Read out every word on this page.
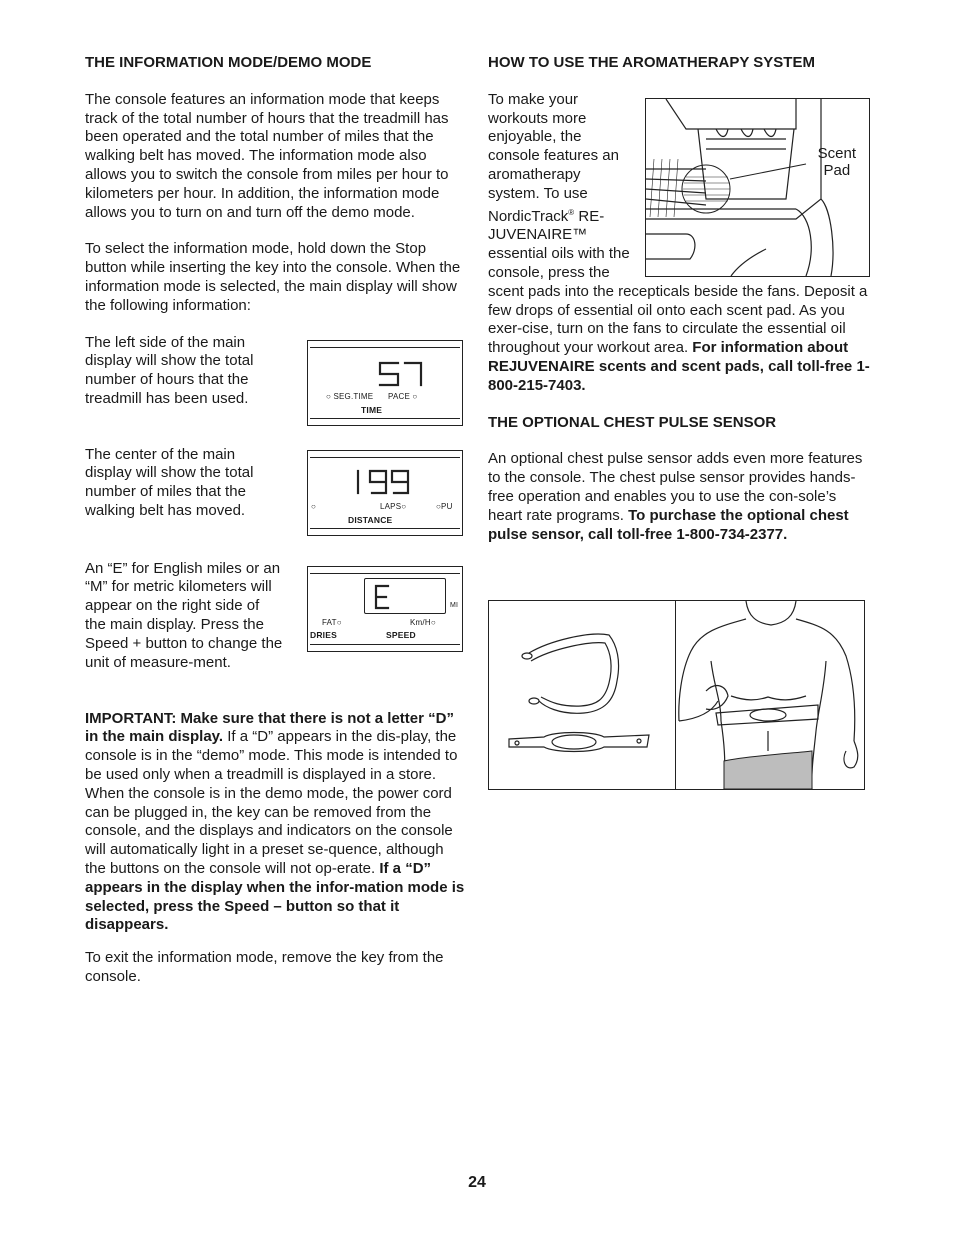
THE INFORMATION MODE/DEMO MODE

The console features an information mode that keeps track of the total number of hours that the treadmill has been operated and the total number of miles that the walking belt has moved. The information mode also allows you to switch the console from miles per hour to kilometers per hour. In addition, the information mode allows you to turn on and turn off the demo mode.

To select the information mode, hold down the Stop button while inserting the key into the console. When the information mode is selected, the main display will show the following information:

The left side of the main display will show the total number of hours that the treadmill has been used.
The center of the main display will show the total number of miles that the walking belt has moved.
An “E” for English miles or an “M” for metric kilometers will appear on the right side of the main display. Press the Speed + button to change the unit of measure-ment.

IMPORTANT: Make sure that there is not a letter “D” in the main display. If a “D” appears in the dis-play, the console is in the “demo” mode. This mode is intended to be used only when a treadmill is displayed in a store. When the console is in the demo mode, the power cord can be plugged in, the key can be removed from the console, and the displays and indicators on the console will automatically light in a preset se-quence, although the buttons on the console will not op-erate. If a “D” appears in the display when the infor-mation mode is selected, press the Speed – button so that it disappears.

To exit the information mode, remove the key from the console.

○ SEG.TIME PACE ○
TIME
○	LAPS○	○PU
DISTANCE
MI
FAT○	Km/H○
DRIES	SPEED
HOW TO USE THE AROMATHERAPY SYSTEM

To make your workouts more enjoyable, the console features an aromatherapy system. To use NordicTrack® RE-JUVENAIRE™ essential oils with the console, press the scent pads into the recepticals beside the fans. Deposit a few drops of essential oil onto each scent pad. As you exer-cise, turn on the fans to circulate the essential oil throughout your workout area. For information about REJUVENAIRE scents and scent pads, call toll-free 1-800-215-7403.

THE OPTIONAL CHEST PULSE SENSOR

An optional chest pulse sensor adds even more features to the console. The chest pulse sensor provides hands-free operation and enables you to use the con-sole’s heart rate programs. To purchase the optional chest pulse sensor, call toll-free 1-800-734-2377.

Scent
Pad
24
